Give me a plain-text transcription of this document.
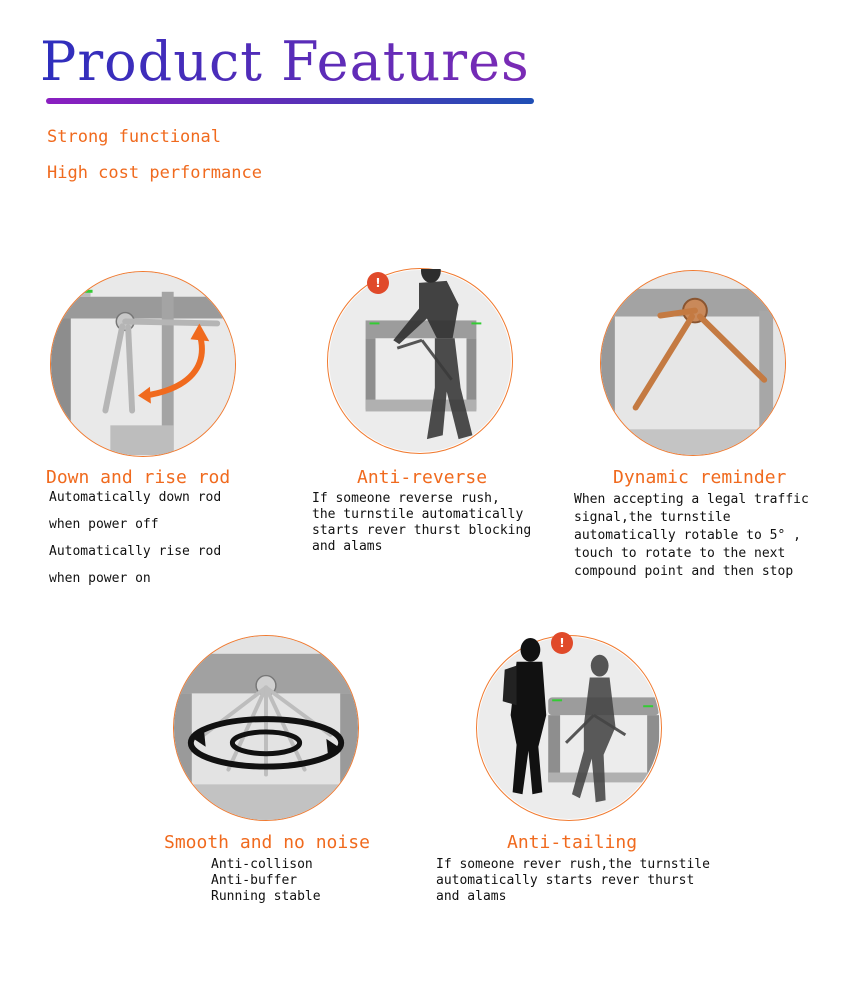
Product Features

Strong functional

High cost performance

Down and rise rod
Automatically down rod
when power off
Automatically rise rod
when power on
!
Anti-reverse
If someone reverse rush,
the turnstile automatically
starts rever thurst blocking
and alams
Dynamic reminder
When accepting a legal traffic
signal,the turnstile
automatically rotable to 5° ,
touch to rotate to the next
compound point and then stop
Smooth and no noise
Anti-collison
Anti-buffer
Running stable
!
Anti-tailing
If someone rever rush,the turnstile
automatically starts rever thurst
and alams
